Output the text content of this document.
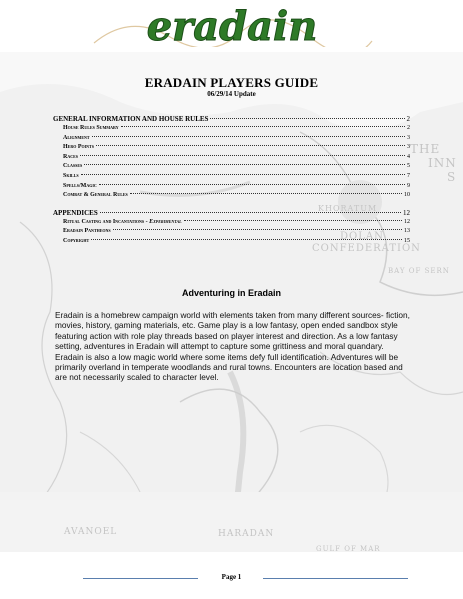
eradain
THE
INN
S
KHORATUM
DOLAN
CONFEDERATION
BAY OF SERN
AVANOEL	HARADAN
GULF OF MAR
ERADAIN PLAYERS GUIDE
06/29/14 Update
GENERAL INFORMATION AND HOUSE RULES	2
House Rules Summary	2
Alignment	3
Hero Points	3
Races	4
Classes	5
Skills	7
Spells/Magic	9
Combat & General Rules	10
APPENDICES	12
Ritual Casting and Incantations - Experimental	12
Eradain Pantheons	13
Copyright	15
Adventuring in Eradain
Eradain is a homebrew campaign world with elements taken from many different sources- fiction, movies, history, gaming materials, etc. Game play is a low fantasy, open ended sandbox style featuring action with role play threads based on player interest and direction. As a low fantasy setting, adventures in Eradain will attempt to capture some grittiness and moral quandary. Eradain is also a low magic world where some items defy full identification. Adventures will be primarily overland in temperate woodlands and rural towns. Encounters are location based and are not necessarily scaled to character level.
Page 1
